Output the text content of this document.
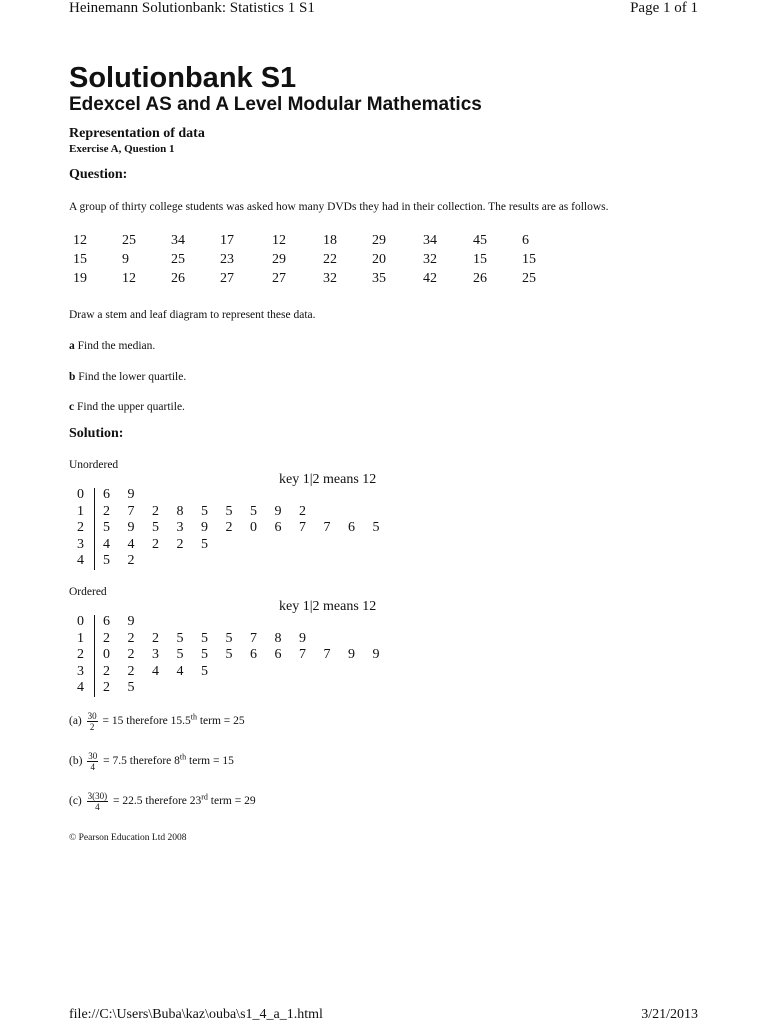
Heinemann Solutionbank: Statistics 1 S1	Page 1 of 1
Solutionbank S1
Edexcel AS and A Level Modular Mathematics
Representation of data
Exercise A, Question 1
Question:
A group of thirty college students was asked how many DVDs they had in their collection. The results are as follows.
12	25	34	17	12	18	29	34	45	6
15	9	25	23	29	22	20	32	15	15
19	12	26	27	27	32	35	42	26	25
Draw a stem and leaf diagram to represent these data.
a Find the median.
b Find the lower quartile.
c Find the upper quartile.
Solution:
Unordered
key 1|2 means 12
0 6 9
1 2 7 2 8 5 5 5 9 2
2 5 9 5 3 9 2 0 6 7 7 6 5
3 4 4 2 2 5
4 5 2
Ordered
key 1|2 means 12
0 6 9
1 2 2 2 5 5 5 7 8 9
2 0 2 3 5 5 5 6 6 7 7 9 9
3 2 2 4 4 5
4 2 5
$(a) \frac{30}{2} = 15$ therefore 15.5th term = 25
$(b) \frac{30}{4} = 7.5$ therefore 8th term = 15
$(c) \frac{3(30)}{4} = 22.5$ therefore 23rd term = 29
© Pearson Education Ltd 2008
file://C:\Users\Buba\kaz\ouba\s1_4_a_1.html	3/21/2013
